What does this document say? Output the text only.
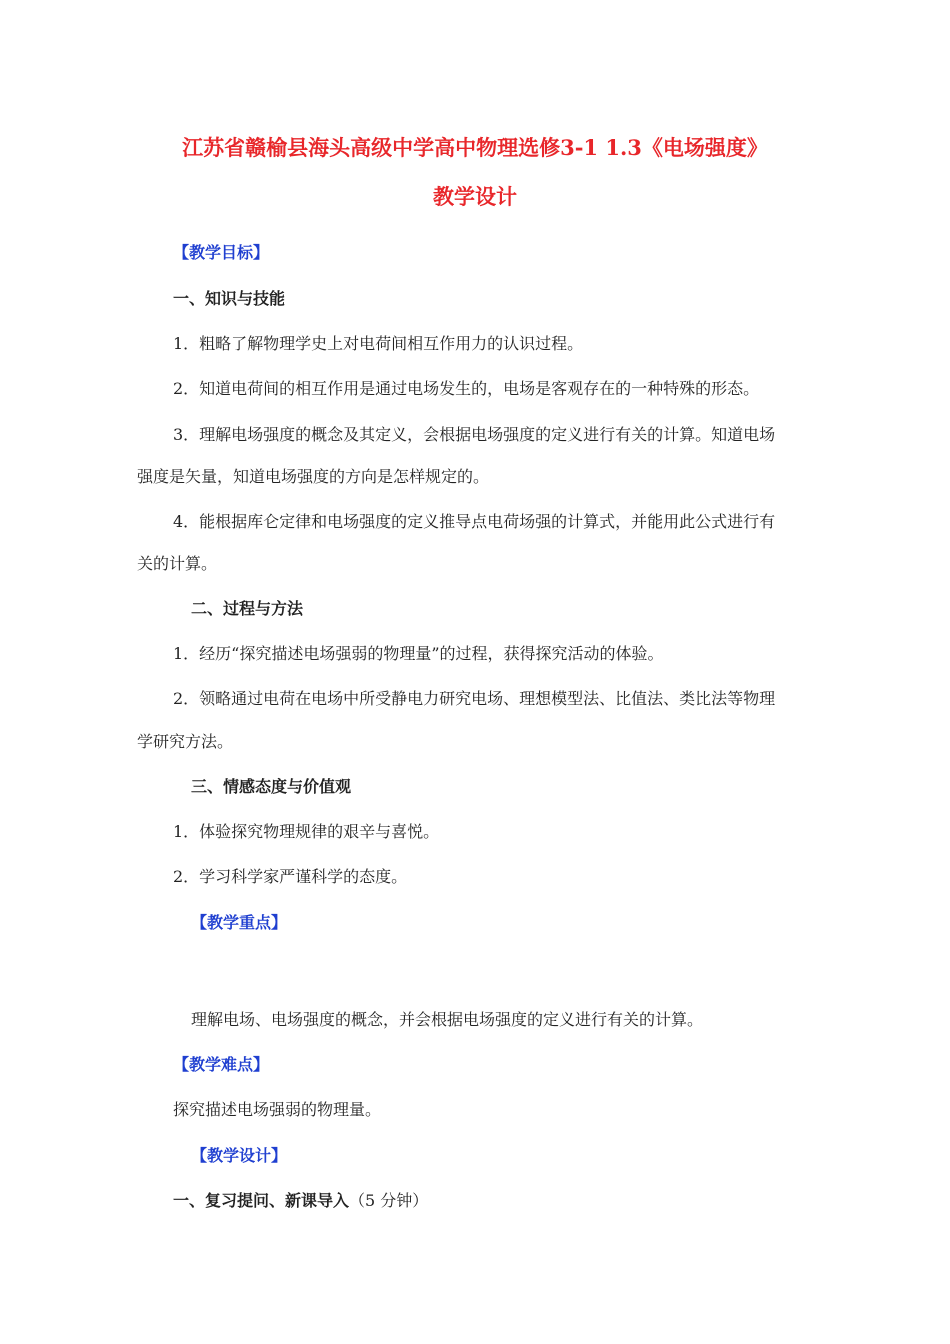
江苏省赣榆县海头高级中学高中物理选修3-1 1.3《电场强度》
教学设计
【教学目标】
一、知识与技能
1．粗略了解物理学史上对电荷间相互作用力的认识过程。
2．知道电荷间的相互作用是通过电场发生的，电场是客观存在的一种特殊的形态。
3．理解电场强度的概念及其定义，会根据电场强度的定义进行有关的计算。知道电场
强度是矢量，知道电场强度的方向是怎样规定的。
4．能根据库仑定律和电场强度的定义推导点电荷场强的计算式，并能用此公式进行有
关的计算。
二、过程与方法
1．经历“探究描述电场强弱的物理量”的过程，获得探究活动的体验。
2．领略通过电荷在电场中所受静电力研究电场、理想模型法、比值法、类比法等物理
学研究方法。
三、情感态度与价值观
1．体验探究物理规律的艰辛与喜悦。
2．学习科学家严谨科学的态度。
【教学重点】
理解电场、电场强度的概念，并会根据电场强度的定义进行有关的计算。
【教学难点】
探究描述电场强弱的物理量。
【教学设计】
一、复习提问、新课导入（5 分钟）
